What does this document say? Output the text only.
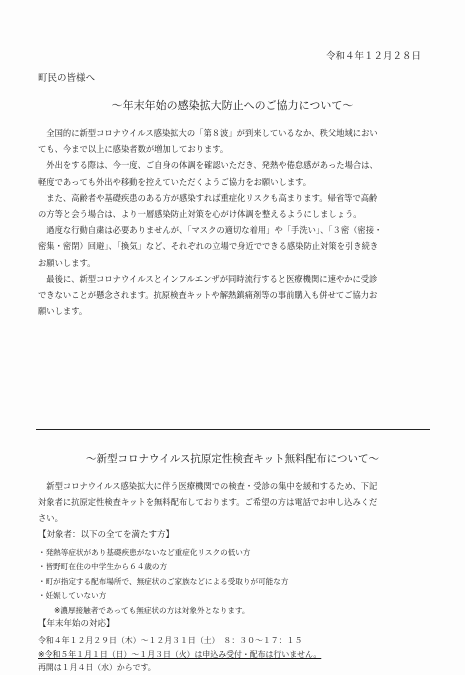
令和４年１２月２８日
町民の皆様へ
～年末年始の感染拡大防止へのご協力について～
　全国的に新型コロナウイルス感染拡大の「第８波」が到来しているなか、秩父地域におい
ても、今まで以上に感染者数が増加しております。
　外出をする際は、今一度、ご自身の体調を確認いただき、発熱や倦怠感があった場合は、
軽度であっても外出や移動を控えていただくようご協力をお願いします。
　また、高齢者や基礎疾患のある方が感染すれば重症化リスクも高まります。帰省等で高齢
の方等と会う場合は、より一層感染防止対策を心がけ体調を整えるようにしましょう。
　過度な行動自粛は必要ありませんが、「マスクの適切な着用」や「手洗い」、「３密（密接・
密集・密閉）回避」、「換気」など、それぞれの立場で身近でできる感染防止対策を引き続き
お願いします。
　最後に、新型コロナウイルスとインフルエンザが同時流行すると医療機関に速やかに受診
できないことが懸念されます。抗原検査キットや解熱鎮痛剤等の事前購入も併せてご協力お
願いします。
～新型コロナウイルス抗原定性検査キット無料配布について～
　新型コロナウイルス感染拡大に伴う医療機関での検査・受診の集中を緩和するため、下記
対象者に抗原定性検査キットを無料配布しております。ご希望の方は電話でお申し込みくだ
さい。
【対象者：以下の全てを満たす方】
・発熱等症状があり基礎疾患がないなど重症化リスクの低い方
・皆野町在住の中学生から６４歳の方
・町が指定する配布場所で、無症状のご家族などによる受取りが可能な方
・妊娠していない方
※濃厚接触者であっても無症状の方は対象外となります。
【年末年始の対応】
令和４年１２月２９日（木）～１２月３１日（土）　８：３０～１７：１５
※令和５年１月１日（日）～１月３日（火）は申込み受付・配布は行いません。
再開は１月４日（水）からです。
